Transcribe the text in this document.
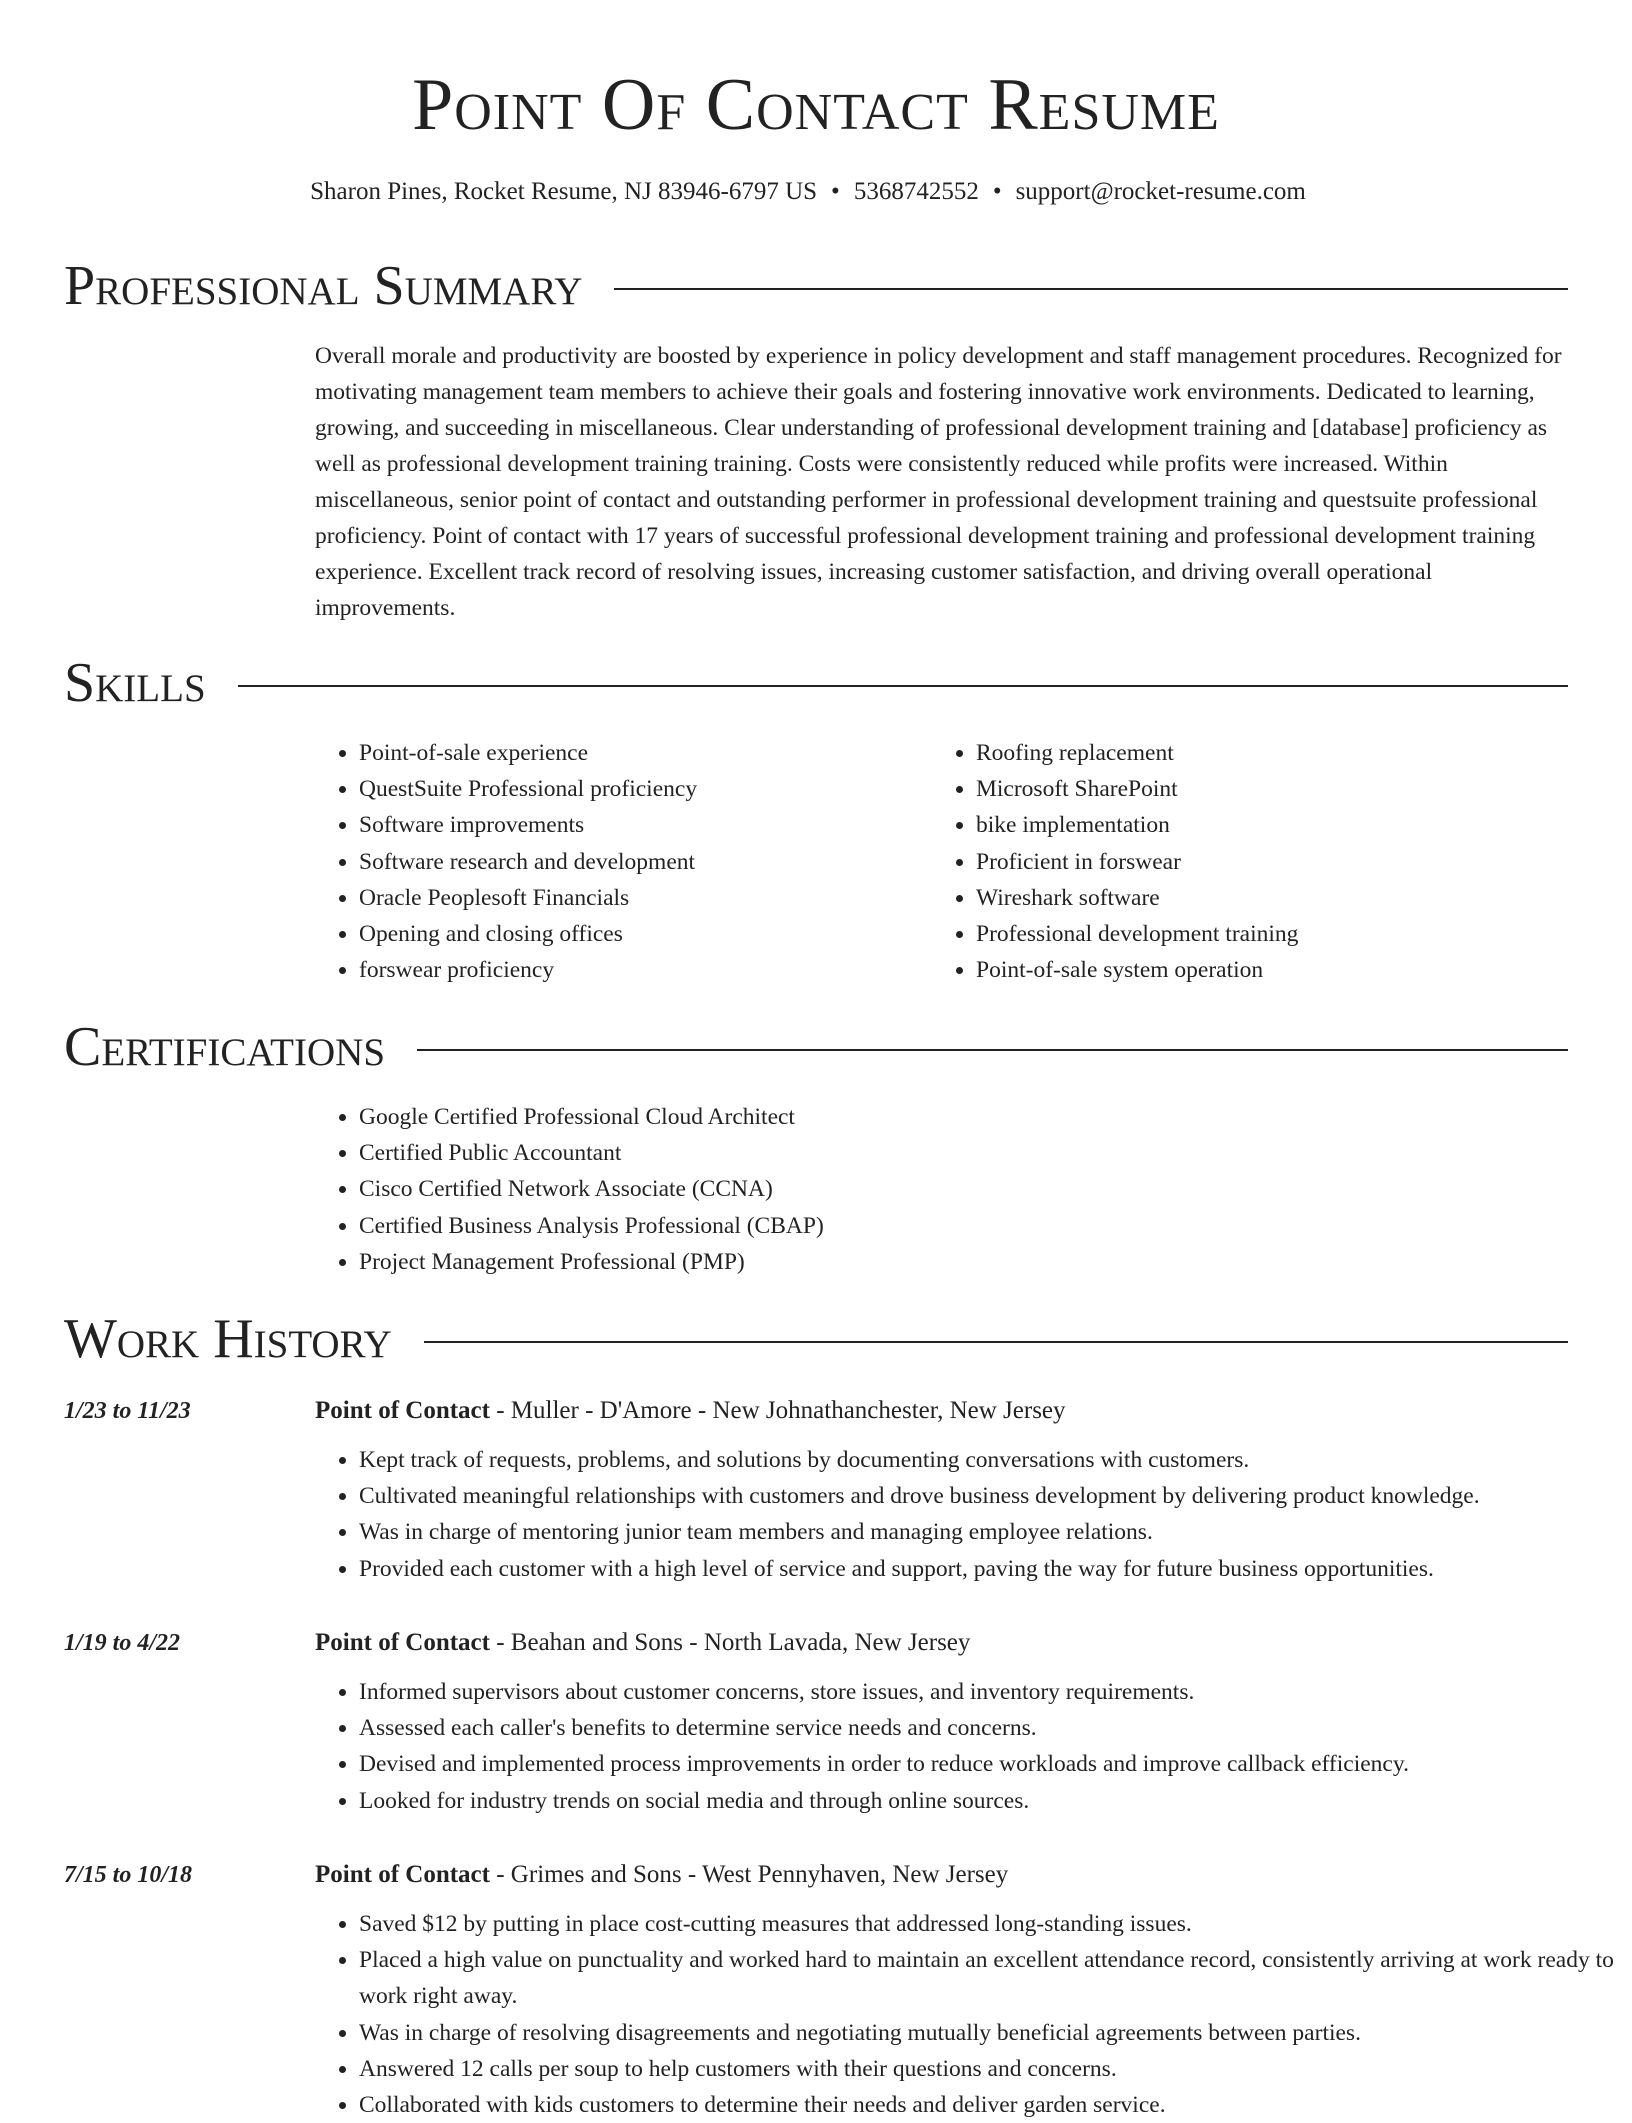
Point Of Contact Resume
Sharon Pines, Rocket Resume, NJ 83946-6797 US • 5368742552 • support@rocket-resume.com
Professional Summary

Overall morale and productivity are boosted by experience in policy development and staff management procedures. Recognized for motivating management team members to achieve their goals and fostering innovative work environments. Dedicated to learning, growing, and succeeding in miscellaneous. Clear understanding of professional development training and [database] proficiency as well as professional development training training. Costs were consistently reduced while profits were increased. Within miscellaneous, senior point of contact and outstanding performer in professional development training and questsuite professional proficiency. Point of contact with 17 years of successful professional development training and professional development training experience. Excellent track record of resolving issues, increasing customer satisfaction, and driving overall operational improvements.

Skills
• Point-of-sale experience
• QuestSuite Professional proficiency
• Software improvements
• Software research and development
• Oracle Peoplesoft Financials
• Opening and closing offices
• forswear proficiency
• Roofing replacement
• Microsoft SharePoint
• bike implementation
• Proficient in forswear
• Wireshark software
• Professional development training
• Point-of-sale system operation
Certifications
• Google Certified Professional Cloud Architect
• Certified Public Accountant
• Cisco Certified Network Associate (CCNA)
• Certified Business Analysis Professional (CBAP)
• Project Management Professional (PMP)
Work History
1/23 to 11/23	Point of Contact - Muller - D'Amore - New Johnathanchester, New Jersey
• Kept track of requests, problems, and solutions by documenting conversations with customers.
• Cultivated meaningful relationships with customers and drove business development by delivering product knowledge.
• Was in charge of mentoring junior team members and managing employee relations.
• Provided each customer with a high level of service and support, paving the way for future business opportunities.
1/19 to 4/22	Point of Contact - Beahan and Sons - North Lavada, New Jersey
• Informed supervisors about customer concerns, store issues, and inventory requirements.
• Assessed each caller's benefits to determine service needs and concerns.
• Devised and implemented process improvements in order to reduce workloads and improve callback efficiency.
• Looked for industry trends on social media and through online sources.
7/15 to 10/18	Point of Contact - Grimes and Sons - West Pennyhaven, New Jersey
• Saved $12 by putting in place cost-cutting measures that addressed long-standing issues.
• Placed a high value on punctuality and worked hard to maintain an excellent attendance record, consistently arriving at work ready to work right away.
• Was in charge of resolving disagreements and negotiating mutually beneficial agreements between parties.
• Answered 12 calls per soup to help customers with their questions and concerns.
• Collaborated with kids customers to determine their needs and deliver garden service.
